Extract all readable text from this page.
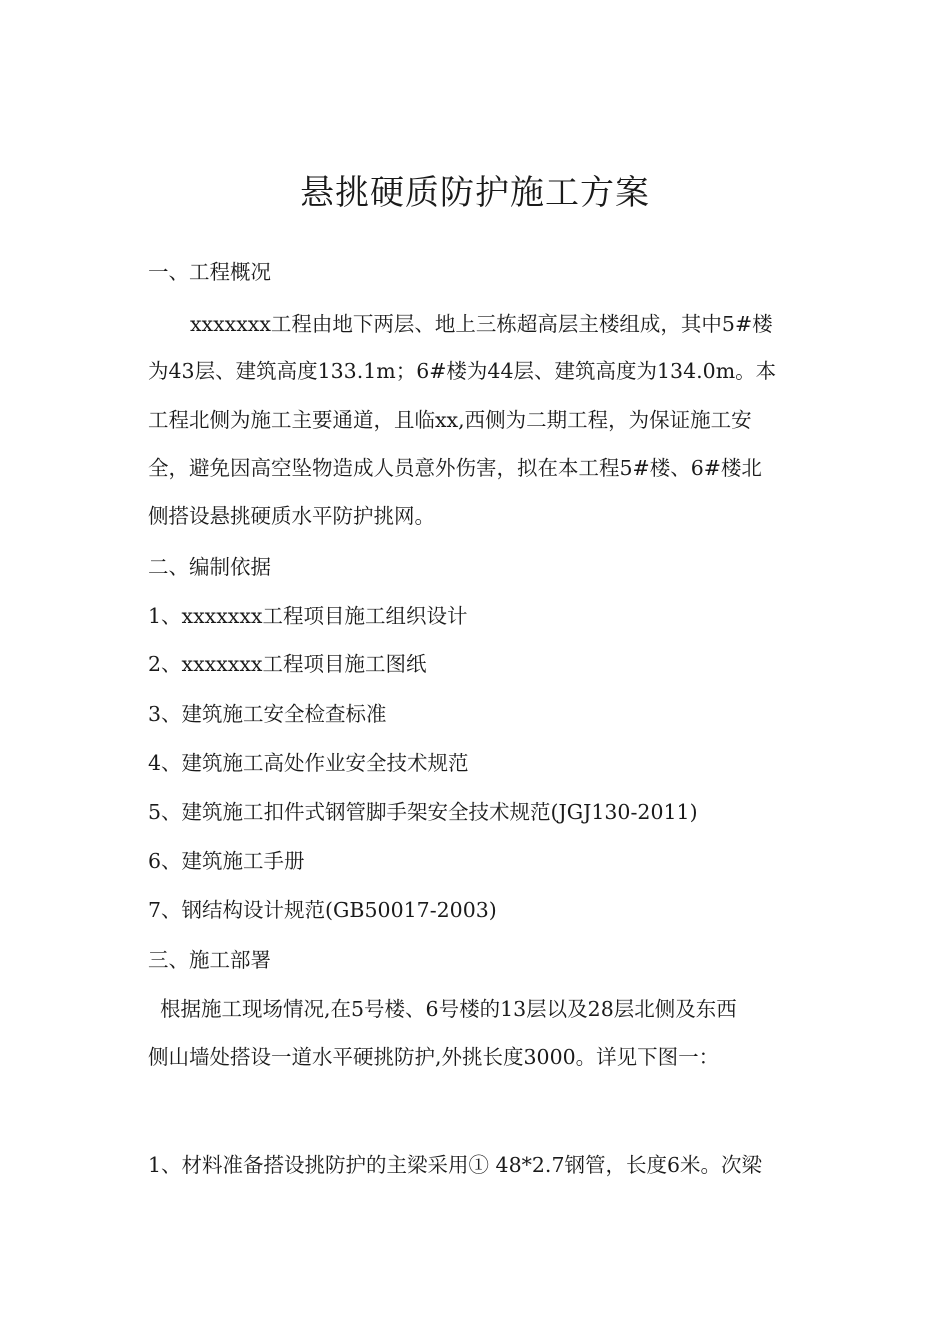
悬挑硬质防护施工方案

一、工程概况

xxxxxxx工程由地下两层、地上三栋超高层主楼组成，其中5#楼

为43层、建筑高度133.1m；6#楼为44层、建筑高度为134.0m。本

工程北侧为施工主要通道，且临xx,西侧为二期工程，为保证施工安

全，避免因高空坠物造成人员意外伤害，拟在本工程5#楼、6#楼北

侧搭设悬挑硬质水平防护挑网。

二、编制依据

1、xxxxxxx工程项目施工组织设计

2、xxxxxxx工程项目施工图纸

3、建筑施工安全检查标准

4、建筑施工高处作业安全技术规范

5、建筑施工扣件式钢管脚手架安全技术规范(JGJ130-2011)

6、建筑施工手册

7、钢结构设计规范(GB50017-2003)

三、施工部署

根据施工现场情况,在5号楼、6号楼的13层以及28层北侧及东西

侧山墙处搭设一道水平硬挑防护,外挑长度3000。详见下图一：

1、材料准备搭设挑防护的主梁采用① 48*2.7钢管，长度6米。次梁
